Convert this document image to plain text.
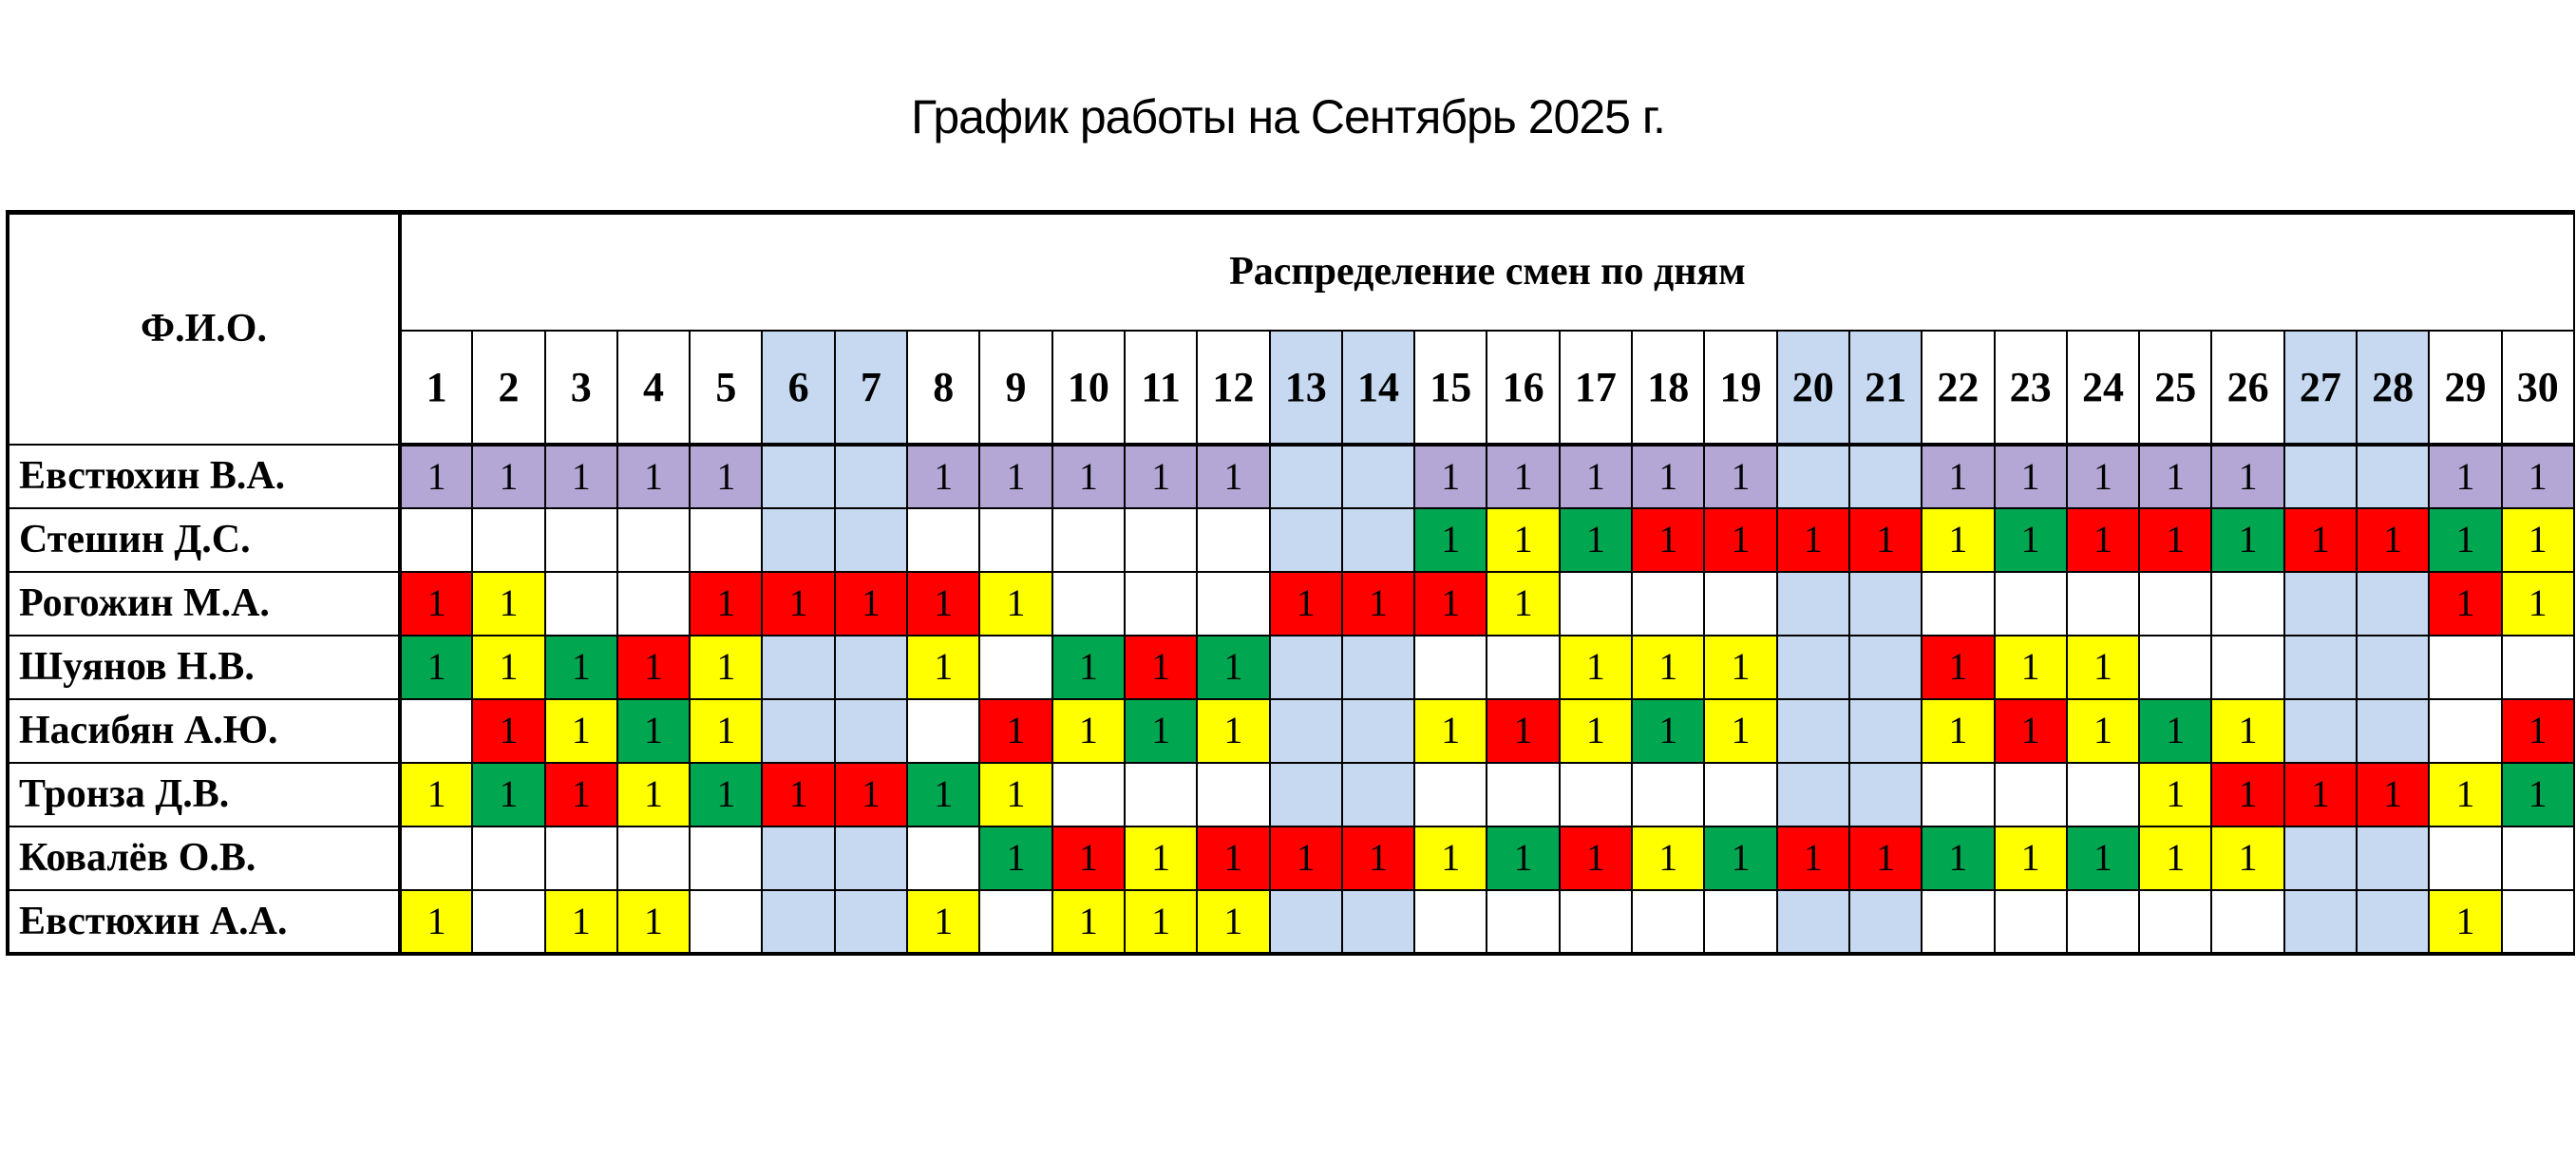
График работы на Сентябрь 2025 г.
Ф.И.О.	Распределение смен по дням																													
	1	2	3	4	5	6	7	8	9	10	11	12	13	14	15	16	17	18	19	20	21	22	23	24	25	26	27	28	29	30
Евстюхин В.А.	1	1	1	1	1			1	1	1	1	1			1	1	1	1	1			1	1	1	1	1			1	1
Стешин Д.С.															1	1	1	1	1	1	1	1	1	1	1	1	1	1	1	1
Рогожин М.А.	1	1			1	1	1	1	1				1	1	1	1													1	1
Шуянов Н.В.	1	1	1	1	1			1		1	1	1					1	1	1			1	1	1						
Насибян А.Ю.		1	1	1	1				1	1	1	1			1	1	1	1	1			1	1	1	1	1				1
Тронза Д.В.	1	1	1	1	1	1	1	1	1																1	1	1	1	1	1
Ковалёв О.В.									1	1	1	1	1	1	1	1	1	1	1	1	1	1	1	1	1	1				
Евстюхин А.А.	1		1	1				1		1	1	1																	1	
